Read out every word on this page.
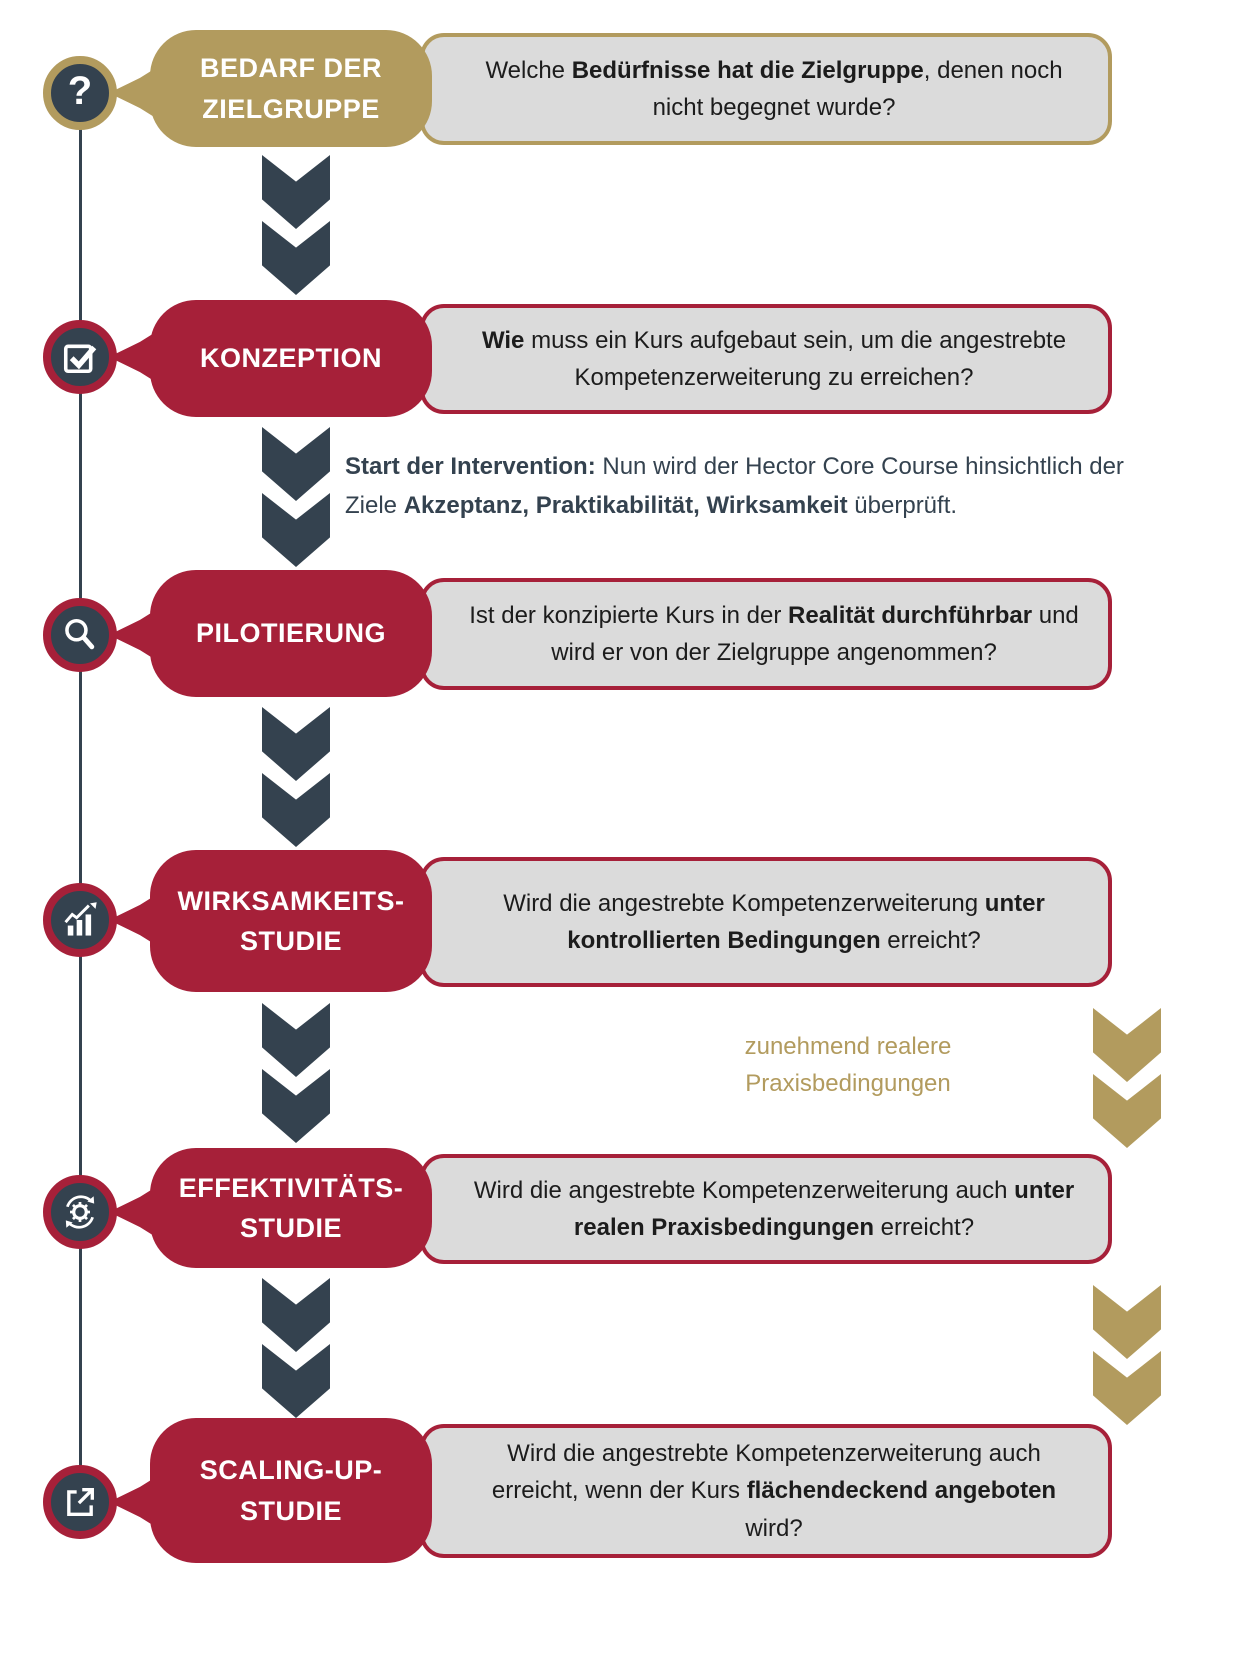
?
BEDARF DER
ZIELGRUPPE
Welche Bedürfnisse hat die Zielgruppe, denen noch nicht begegnet wurde?
KONZEPTION
Wie muss ein Kurs aufgebaut sein, um die angestrebte Kompetenzerweiterung zu erreichen?
Start der Intervention: Nun wird der Hector Core Course hinsichtlich der Ziele Akzeptanz, Praktikabilität, Wirksamkeit überprüft.
PILOTIERUNG
Ist der konzipierte Kurs in der Realität durchführbar und wird er von der Zielgruppe angenommen?
WIRKSAMKEITS-
STUDIE
Wird die angestrebte Kompetenzerweiterung unter kontrollierten Bedingungen erreicht?
zunehmend realere
Praxisbedingungen
EFFEKTIVITÄTS-
STUDIE
Wird die angestrebte Kompetenzerweiterung auch unter realen Praxisbedingungen erreicht?
SCALING-UP-
STUDIE
Wird die angestrebte Kompetenzerweiterung auch erreicht, wenn der Kurs flächendeckend angeboten wird?
